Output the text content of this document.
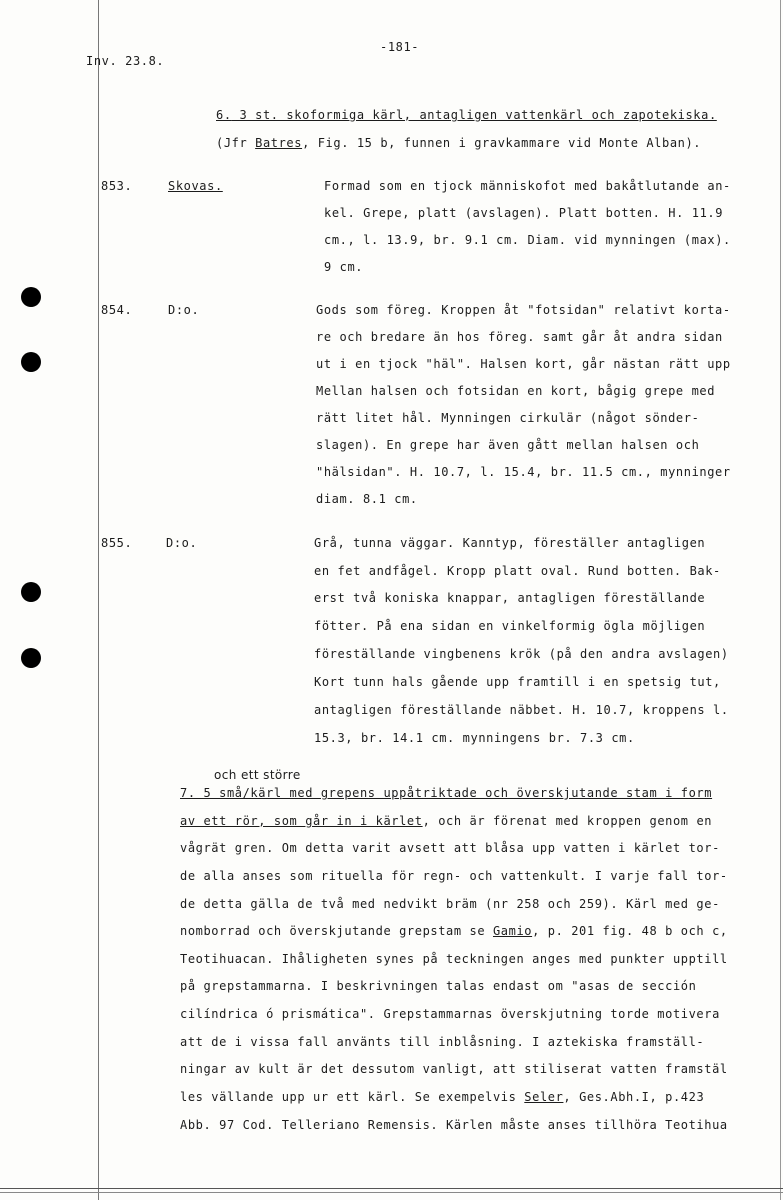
-181-
Inv. 23.8.
6. 3 st. skoformiga kärl, antagligen vattenkärl och zapotekiska.
(Jfr Batres, Fig. 15 b, funnen i gravkammare vid Monte Alban).
853.	Skovas.	Formad som en tjock människofot med bakåtlutande an-
kel. Grepe, platt (avslagen). Platt botten. H. 11.9
cm., l. 13.9, br. 9.1 cm. Diam. vid mynningen (max).
9 cm.
854.	D:o.	Gods som föreg. Kroppen åt "fotsidan" relativt korta-
re och bredare än hos föreg. samt går åt andra sidan
ut i en tjock "häl". Halsen kort, går nästan rätt upp
Mellan halsen och fotsidan en kort, bågig grepe med
rätt litet hål. Mynningen cirkulär (något sönder-
slagen). En grepe har även gått mellan halsen och
"hälsidan". H. 10.7, l. 15.4, br. 11.5 cm., mynninger
diam. 8.1 cm.
855.	D:o.	Grå, tunna väggar. Kanntyp, föreställer antagligen
en fet andfågel. Kropp platt oval. Rund botten. Bak-
erst två koniska knappar, antagligen föreställande
fötter. På ena sidan en vinkelformig ögla möjligen
föreställande vingbenens krök (på den andra avslagen)
Kort tunn hals gående upp framtill i en spetsig tut,
antagligen föreställande näbbet. H. 10.7, kroppens l.
15.3, br. 14.1 cm. mynningens br. 7.3 cm.
och ett större
7. 5 små/kärl med grepens uppåtriktade och överskjutande stam i form
av ett rör, som går in i kärlet, och är förenat med kroppen genom en
vågrät gren. Om detta varit avsett att blåsa upp vatten i kärlet tor-
de alla anses som rituella för regn- och vattenkult. I varje fall tor-
de detta gälla de två med nedvikt bräm (nr 258 och 259). Kärl med ge-
nomborrad och överskjutande grepstam se Gamio, p. 201 fig. 48 b och c,
Teotihuacan. Ihåligheten synes på teckningen anges med punkter upptill
på grepstammarna. I beskrivningen talas endast om "asas de sección
cilíndrica ó prismática". Grepstammarnas överskjutning torde motivera
att de i vissa fall använts till inblåsning. I aztekiska framställ-
ningar av kult är det dessutom vanligt, att stiliserat vatten framstäl
les vällande upp ur ett kärl. Se exempelvis Seler, Ges.Abh.I, p.423
Abb. 97 Cod. Telleriano Remensis. Kärlen måste anses tillhöra Teotihua
